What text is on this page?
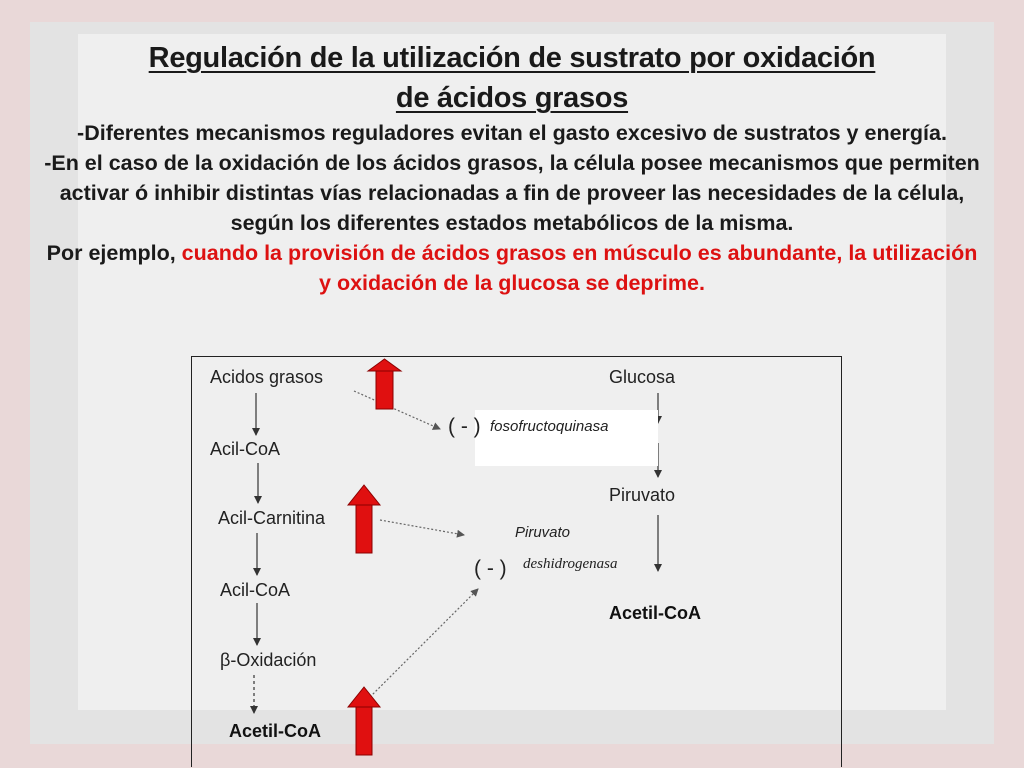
Regulación de la utilización de sustrato por oxidación
de ácidos grasos
-Diferentes mecanismos reguladores evitan el gasto excesivo de sustratos y energía.
-En el caso de la oxidación de los ácidos grasos, la célula posee mecanismos que permiten activar ó inhibir distintas vías relacionadas a fin de proveer las necesidades de la célula, según los diferentes estados metabólicos de la misma.
Por ejemplo, cuando la provisión de ácidos grasos en músculo es abundante, la utilización y oxidación de la glucosa se deprime.
Acidos grasos
Acil-CoA
Acil-Carnitina
Acil-CoA
β-Oxidación
Acetil-CoA
Glucosa
Piruvato
Acetil-CoA
( - ) fosofructoquinasa
Piruvato
( - ) deshidrogenasa
